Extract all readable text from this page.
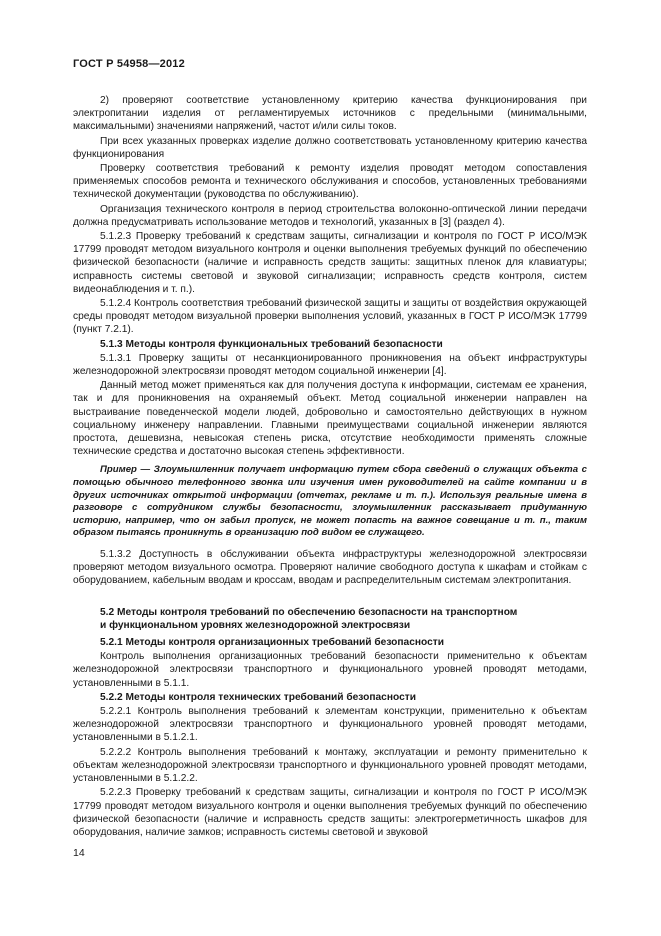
ГОСТ Р 54958—2012

2) проверяют соответствие установленному критерию качества функционирования при электропитании изделия от регламентируемых источников с предельными (минимальными, максимальными) значениями напряжений, частот и/или силы токов.

При всех указанных проверках изделие должно соответствовать установленному критерию качества функционирования

Проверку соответствия требований к ремонту изделия проводят методом сопоставления применяемых способов ремонта и технического обслуживания и способов, установленных требованиями технической документации (руководства по обслуживанию).

Организация технического контроля в период строительства волоконно-оптической линии передачи должна предусматривать использование методов и технологий, указанных в [3] (раздел 4).

5.1.2.3 Проверку требований к средствам защиты, сигнализации и контроля по ГОСТ Р ИСО/МЭК 17799 проводят методом визуального контроля и оценки выполнения требуемых функций по обеспечению физической безопасности (наличие и исправность средств защиты: защитных пленок для клавиатуры; исправность системы световой и звуковой сигнализации; исправность средств контроля, систем видеонаблюдения и т. п.).

5.1.2.4 Контроль соответствия требований физической защиты и защиты от воздействия окружающей среды проводят методом визуальной проверки выполнения условий, указанных в ГОСТ Р ИСО/МЭК 17799 (пункт 7.2.1).

5.1.3 Методы контроля функциональных требований безопасности

5.1.3.1 Проверку защиты от несанкционированного проникновения на объект инфраструктуры железнодорожной электросвязи проводят методом социальной инженерии [4].

Данный метод может применяться как для получения доступа к информации, системам ее хранения, так и для проникновения на охраняемый объект. Метод социальной инженерии направлен на выстраивание поведенческой модели людей, добровольно и самостоятельно действующих в нужном социальному инженеру направлении. Главными преимуществами социальной инженерии являются простота, дешевизна, невысокая степень риска, отсутствие необходимости применять сложные технические средства и достаточно высокая степень эффективности.

Пример — Злоумышленник получает информацию путем сбора сведений о служащих объекта с помощью обычного телефонного звонка или изучения имен руководителей на сайте компании и в других источниках открытой информации (отчетах, рекламе и т. п.). Используя реальные имена в разговоре с сотрудником службы безопасности, злоумышленник рассказывает придуманную историю, например, что он забыл пропуск, не может попасть на важное совещание и т. п., таким образом пытаясь проникнуть в организацию под видом ее служащего.

5.1.3.2 Доступность в обслуживании объекта инфраструктуры железнодорожной электросвязи проверяют методом визуального осмотра. Проверяют наличие свободного доступа к шкафам и стойкам с оборудованием, кабельным вводам и кроссам, вводам и распределительным системам электропитания.

5.2 Методы контроля требований по обеспечению безопасности на транспортном
и функциональном уровнях железнодорожной электросвязи

5.2.1 Методы контроля организационных требований безопасности

Контроль выполнения организационных требований безопасности применительно к объектам железнодорожной электросвязи транспортного и функционального уровней проводят методами, установленными в 5.1.1.

5.2.2 Методы контроля технических требований безопасности

5.2.2.1 Контроль выполнения требований к элементам конструкции, применительно к объектам железнодорожной электросвязи транспортного и функционального уровней проводят методами, установленными в 5.1.2.1.

5.2.2.2 Контроль выполнения требований к монтажу, эксплуатации и ремонту применительно к объектам железнодорожной электросвязи транспортного и функционального уровней проводят методами, установленными в 5.1.2.2.

5.2.2.3 Проверку требований к средствам защиты, сигнализации и контроля по ГОСТ Р ИСО/МЭК 17799 проводят методом визуального контроля и оценки выполнения требуемых функций по обеспечению физической безопасности (наличие и исправность средств защиты: электрогерметичность шкафов для оборудования, наличие замков; исправность системы световой и звуковой

14
